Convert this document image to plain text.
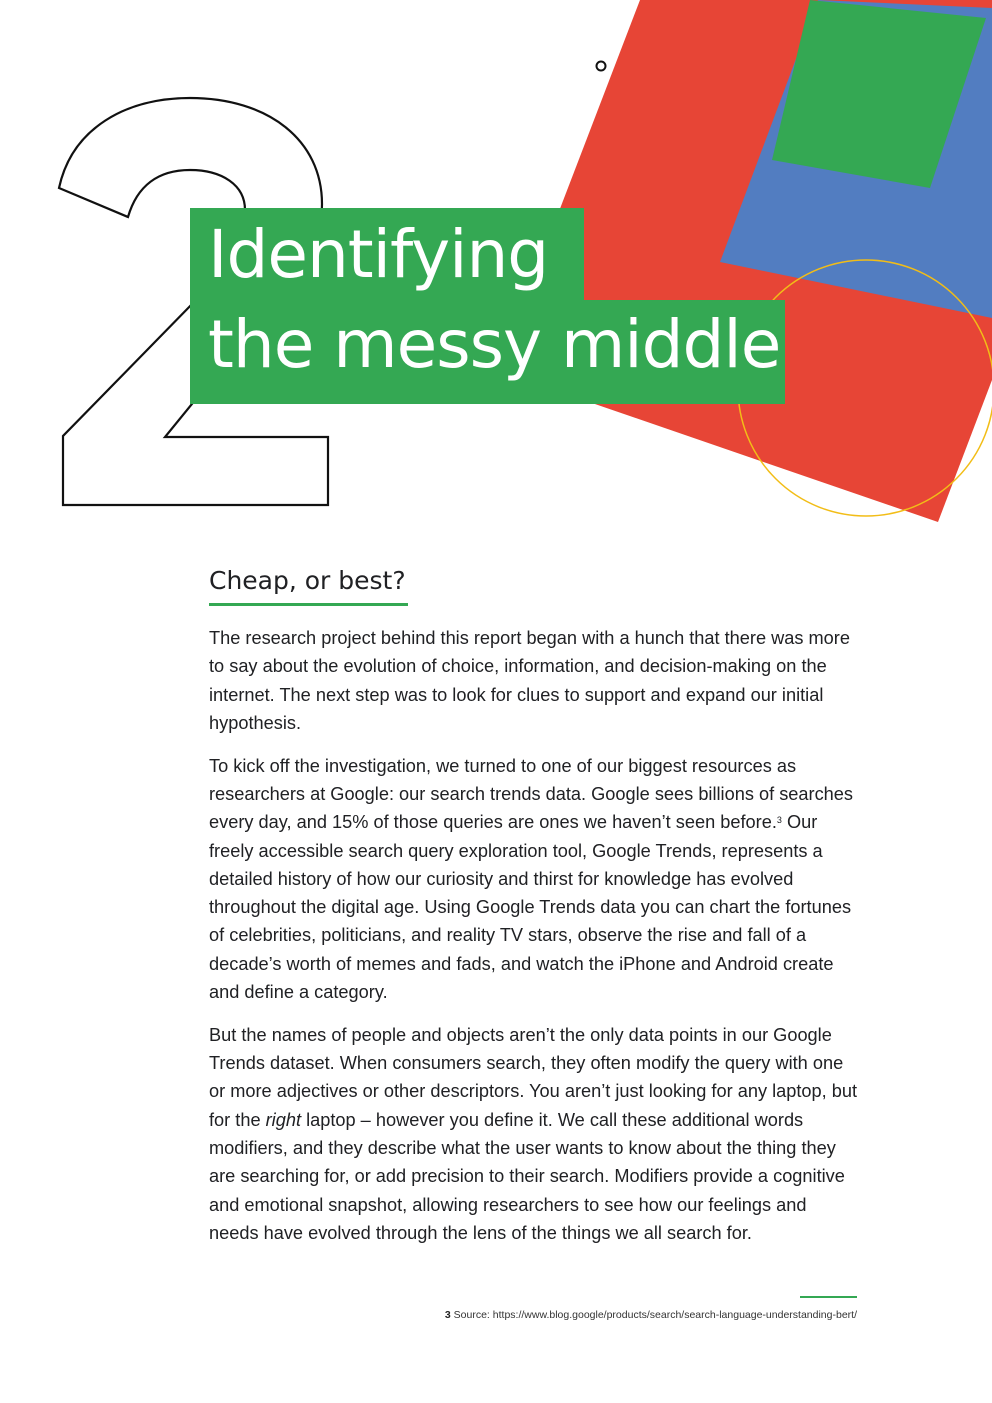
Identifying
the messy middle
Cheap, or best?

The research project behind this report began with a hunch that there was more to say about the evolution of choice, information, and decision-making on the internet. The next step was to look for clues to support and expand our initial hypothesis.

To kick off the investigation, we turned to one of our biggest resources as researchers at Google: our search trends data. Google sees billions of searches every day, and 15% of those queries are ones we haven’t seen before.$^3$ Our freely accessible search query exploration tool, Google Trends, represents a detailed history of how our curiosity and thirst for knowledge has evolved throughout the digital age. Using Google Trends data you can chart the fortunes of celebrities, politicians, and reality TV stars, observe the rise and fall of a decade’s worth of memes and fads, and watch the iPhone and Android create and define a category.

But the names of people and objects aren’t the only data points in our Google Trends dataset. When consumers search, they often modify the query with one or more adjectives or other descriptors. You aren’t just looking for any laptop, but for the right laptop – however you define it. We call these additional words modifiers, and they describe what the user wants to know about the thing they are searching for, or add precision to their search. Modifiers provide a cognitive and emotional snapshot, allowing researchers to see how our feelings and needs have evolved through the lens of the things we all search for.

3 Source: https://www.blog.google/products/search/search-language-understanding-bert/
